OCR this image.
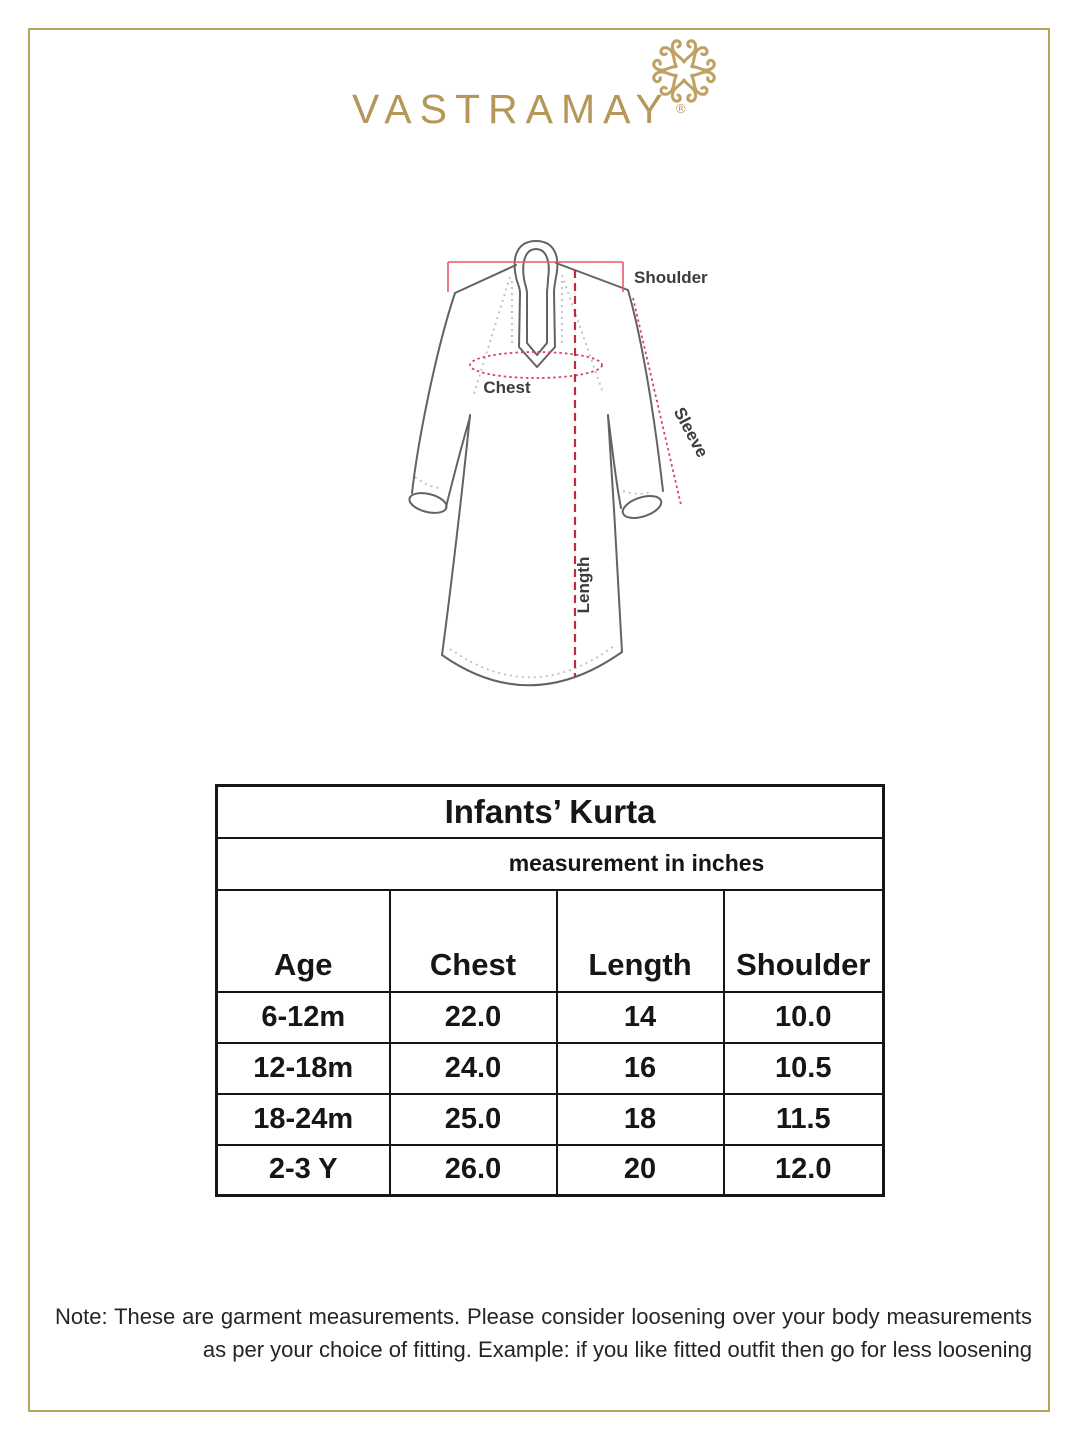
VASTRAMAY ®
Shoulder
Chest
Sleeve
Length
Infants’ Kurta			

measurement in inches			

Age	Chest	Length	Shoulder
6-12m	22.0	14	10.0
12-18m	24.0	16	10.5
18-24m	25.0	18	11.5
2-3 Y	26.0	20	12.0
Note: These are garment measurements. Please consider loosening over your body measurements
as per your choice of fitting. Example: if you like fitted outfit then go for less loosening
